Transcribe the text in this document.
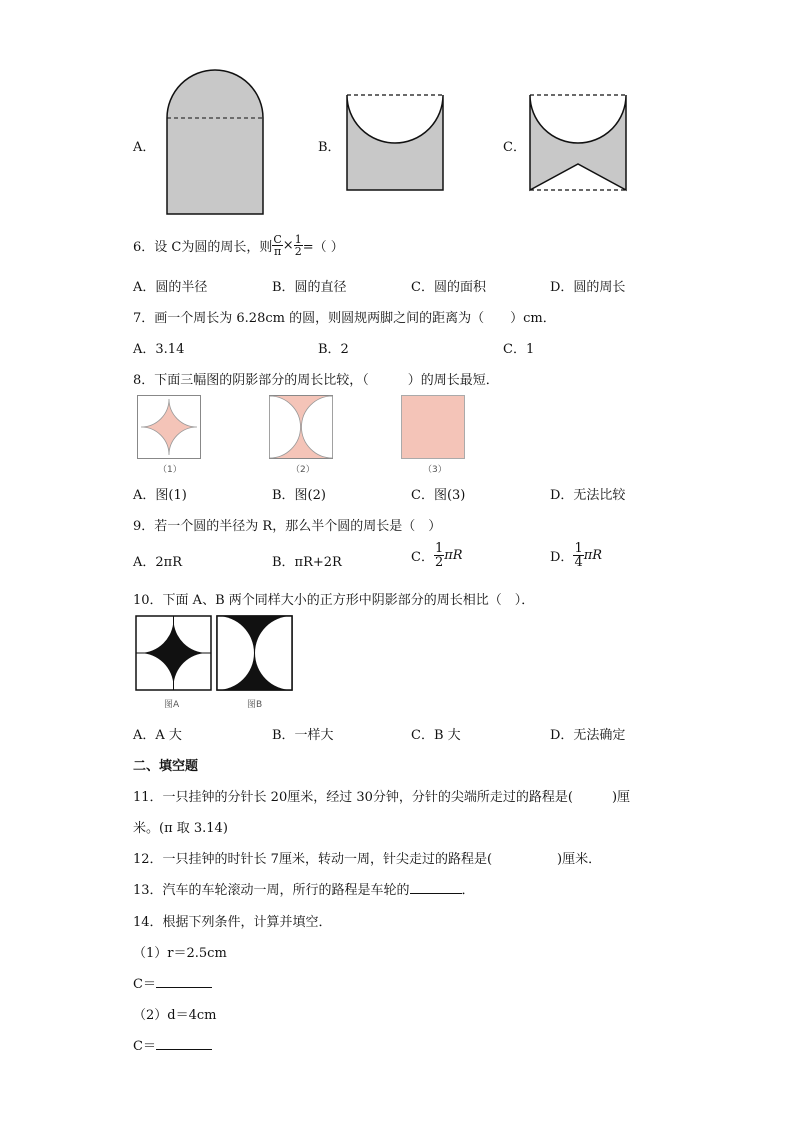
A．	B．	C．
6．设 C为圆的周长，则 $\frac{C}{\pi} \times \frac{1}{2}$ =（ ）
A．圆的半径	B．圆的直径	C．圆的面积	D．圆的周长
7．画一个周长为 6.28cm 的圆，则圆规两脚之间的距离为（　　）cm．
A．3.14	B．2	C．1
8．下面三幅图的阴影部分的周长比较，（　　　）的周长最短．
（1）	（2）	（3）
A．图(1)	B．图(2)	C．图(3)	D．无法比较
9．若一个圆的半径为 R，那么半个圆的周长是（　）
A．2πR	B．πR+2R	C． $\frac{1}{2}$ πR	D． $\frac{1}{4}$ πR
10．下面 A、B 两个同样大小的正方形中阴影部分的周长相比（　）．
图A	图B
A．A 大	B．一样大	C．B 大	D．无法确定
二、填空题
11．一只挂钟的分针长 20厘米，经过 30分钟，分针的尖端所走过的路程是(　　　)厘
米。(π 取 3.14)
12．一只挂钟的时针长 7厘米，转动一周，针尖走过的路程是(　　　　　)厘米．
13．汽车的车轮滚动一周，所行的路程是车轮的	．
14．根据下列条件，计算并填空．
（1）r＝2.5cm
C＝
（2）d＝4cm
C＝
